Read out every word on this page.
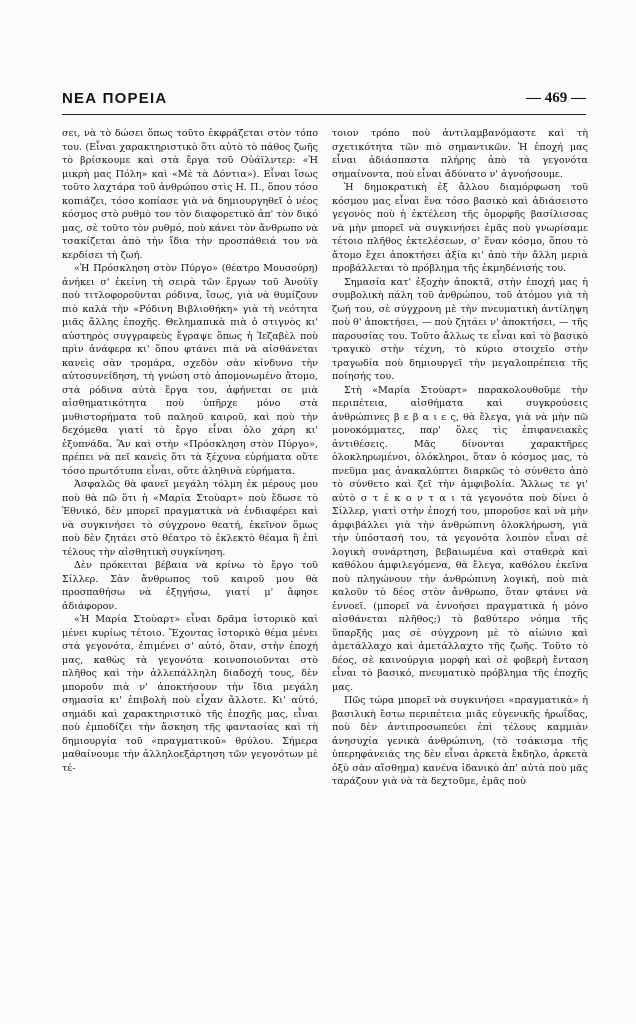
ΝΕΑ ΠΟΡΕΙΑ	— 469 —

σει, νὰ τὸ δώσει ὅπως τοῦτο ἐκφράζεται στὸν τόπο του. (Εἶναι χαρακτηριστικὸ ὅτι αὐτὸ τὸ πάθος ζωῆς τὸ βρίσκουμε καὶ στὰ ἔργα τοῦ Οὐάϊλντερ: «Ἡ μικρὴ μας Πόλη» καὶ «Μὲ τὰ Δόντια»). Εἶναι ἴσως τοῦτο λαχτάρα τοῦ ἀνθρώπου στὶς Η. Π., ὅπου τόσο κοπιάζει, τόσο κοπίασε γιὰ νὰ δημιουργηθεῖ ὁ νέος κόσμος στὸ ρυθμὸ τον τὸν διαφορετικὸ ἀπ' τὸν δικό μας, σὲ τοῦτο τὸν ρυθμό, ποὺ κάνει τὸν ἄνθρωπο νὰ τσακίζεται ἀπὸ τὴν ἴδια τὴν προσπάθειά του νὰ κερδίσει τὴ ζωή.

«Ἡ Πρόσκληση στὸν Πύργο» (θέατρο Μουσούρη) ἀνήκει σ' ἐκείνη τὴ σειρὰ τῶν ἔργων τοῦ Ἀνούϊγ ποὺ τιτλοφοροῦνται ρόδινα, ἴσως, γιὰ νὰ θυμίζουν πιὸ καλὰ τὴν «Ρόδινη Βιβλιοθήκη» γιὰ τὴ νεότητα μιᾶς ἄλλης ἐποχῆς. Θελημαπικὰ πιὰ ὁ στιγνὸς κι' αὐστηρὸς συγγραφεὺς ἔγραψε ὅπως ἡ Ἰεζαβὲλ ποὺ πρὶν ἀνάφερα κι' ὅπου φτάνει πιὰ νὰ αἰσθάνεται κανεὶς σὰν τρομάρα, σχεδὸν σὰν κίνδυνο τὴν αὐτοσυνείδηση, τὴ γνώση στὸ ἀπομονωμένο ἄτομο, στὰ ρόδινα αὐτὰ ἔργα του, ἀφήνεται σε μιὰ αἰσθηματικότητα ποὺ ὑπῆρχε μόνο στὰ μυθιστορήματα τοῦ παληοῦ καιροῦ, καὶ ποὺ τὴν δεχόμεθα γιατί τὸ ἔργο εἶναι ὁλο χάρη κι' ἐξυπνάδα. Ἂν καὶ στὴν «Πρόσκληση στὸν Πύργο», πρέπει νὰ πεῖ κανεὶς ὅτι τὰ ξέχυνα εὑρήματα οὔτε τόσο πρωτότυπα εἶναι, οὔτε ἀληθινὰ εὑρήματα.

Ἀσφαλῶς θὰ φανεῖ μεγάλη τόλμη ἐκ μέρους μου ποὺ θὰ πῶ ὅτι ἡ «Μαρία Στοὺαρτ» ποὺ ἔδωσε τὸ Ἐθνικό, δὲν μπορεῖ πραγματικὰ νὰ ἐνδιαφέρει καὶ νὰ συγκινήσει τὸ σύγχρονο θεατή, ἐκεῖνον ὅμως ποὺ δὲν ζητάει στὸ θέατρο τὸ ἐκλεκτὸ θέαμα ἢ ἐπὶ τέλους τὴν αἰσθητικὴ συγκίνηση.

Δὲν πρόκειται βέβαια νὰ κρίνω τὸ ἔργο τοῦ Σίλλερ. Σὰν ἄνθρωπος τοῦ καιροῦ μου θὰ προσπαθήσω νὰ ἐξηγήσω, γιατί μ' ἄφησε ἀδιάφορον.

«Ἡ Μαρία Στοὺαρτ» εἶναι δρᾶμα ἱστορικὸ καὶ μένει κυρίως τέτοιο. Ἔχοντας ἱστορικὸ θέμα μένει στὰ γεγονότα, ἐπιμένει σ' αὐτό, ὅταν, στὴν ἐποχή μας, καθὼς τὰ γεγονότα κοινοποιοῦνται στὸ πλῆθος καὶ τὴν ἀλλεπάλληλη διαδοχή τους, δὲν μποροῦν πιὰ ν' ἀποκτήσουν τὴν ἴδια μεγάλη σημασία κι' ἐπιβολὴ ποὺ εἶχαν ἄλλοτε. Κι' αὐτό, σημάδι καὶ χαρακτηριστικὸ τῆς ἐποχῆς μας, εἶναι ποὺ ἐμποδίζει τὴν ἄσκηση τῆς φαντασίας καὶ τὴ δημιουργία τοῦ «πραγματικοῦ» θρύλου. Σήμερα μαθαίνουμε τὴν ἀλληλοεξάρτηση τῶν γεγονότων μὲ τέ-

τοιον τρόπο ποὺ ἀντιλαμβανόμαστε καὶ τὴ σχετικότητα τῶν πιὸ σημαντικῶν. Ἡ ἐποχή μας εἶναι ἀδιάσπαστα πλήρης ἀπὸ τὰ γεγονότα σημαίνοντα, ποὺ εἶναι ἀδύνατο ν' ἀγνοήσουμε.

Ἡ δημοκρατικὴ ἐξ ἄλλου διαμόρφωση τοῦ κόσμου μας εἶναι ἕνα τόσο βασικὸ καὶ ἀδιάσειστο γεγονὸς ποὺ ἡ ἐκτέλεση τῆς ὁμορφῆς βασίλισσας νὰ μὴν μπορεῖ νὰ συγκινήσει ἐμᾶς ποὺ γνωρίσαμε τέτοιο πλῆθος ἐκτελέσεων, σ' ἕναν κόσμο, ὅπου τὸ ἄτομο ἔχει ἀποκτήσει ἀξία κι' ἀπὸ τὴν ἄλλη μεριὰ προβάλλεται τὸ πρόβλημα τῆς ἐκμηδένισής του.

Σημασία κατ' ἐξοχὴν ἀποκτᾶ, στὴν ἐποχή μας ἡ συμβολικὴ πάλη τοῦ ἀνθρώπου, τοῦ ἀτόμου γιὰ τὴ ζωή του, σὲ σύγχρονη μὲ τὴν πνευματικὴ ἀντίληψη ποὺ θ' ἀποκτήσει, — ποὺ ζητάει ν' ἀποκτήσει, — τῆς παρουσίας του. Τοῦτο ἄλλως τε εἶναι καὶ τὸ βασικὸ τραγικὸ στὴν τέχνη, τὸ κύριο στοιχεῖο στὴν τραγωδία ποὺ δημιουργεῖ τὴν μεγαλοπρέπεια τῆς ποίησής του.

Στὴ «Μαρία Στοὺαρτ» παρακολουθοῦμε τὴν περιπέτεια, αἰσθήματα καὶ συγκρούσεις ἀνθρώπινες β ε β α ι ε ς, θὰ ἔλεγα, γιὰ νὰ μὴν πῶ μονοκόμματες, παρ' ὅλες τὶς ἐπιφανειακὲς ἀντιθέσεις. Μᾶς δίνονται χαρακτῆρες ὁλοκληρωμένοι, ὁλόκληροι, ὅταν ὁ κόσμος μας, τὸ πνεῦμα μας ἀνακαλύπτει διαρκῶς τὸ σύνθετο ἀπὸ τὸ σύνθετο καὶ ζεῖ τὴν ἀμφιβολία. Ἄλλως τε γι' αὐτὸ σ τ έ κ ο ν τ α ι τὰ γεγονότα ποὺ δίνει ὁ Σίλλερ, γιατὶ στὴν ἐποχή του, μποροῦσε καὶ νὰ μὴν ἀμφιβάλλει γιὰ τὴν ἀνθρώπινη ὁλοκλήρωση, γιὰ τὴν ὑπόστασή του, τὰ γεγονότα λοιπὸν εἶναι σὲ λογικὴ συνάρτηση, βεβαιωμένα καὶ σταθερὰ καὶ καθόλου ἀμφιλεγόμενα, θὰ ἔλεγα, καθόλου ἐκεῖνα ποὺ πληγώνουν τὴν ἀνθρώπινη λογική, ποὺ πιὰ καλοῦν τὸ δέος στὸν ἄνθρωπο, ὅταν φτάνει νὰ ἐννοεῖ. (μπορεῖ νὰ ἐννοήσει πραγματικὰ ἡ μόνο αἰσθάνεται πλῆθος;) τὸ βαθύτερο νόημα τῆς ὕπαρξῆς μας σὲ σύγχρονη μὲ τὸ αἰώνιο καὶ ἀμετάλλαχο καὶ ἀμετάλλαχτο τῆς ζωῆς. Τοῦτο τὸ δέος, σὲ καινούργια μορφὴ καὶ σὲ φοβερὴ ἔνταση εἶναι τὸ βασικό, πνευματικὸ πρόβλημα τῆς ἐποχῆς μας.

Πῶς τώρα μπορεῖ νὰ συγκινήσει «πραγματικὰ» ἡ βασιλικὴ ἔστω περιπέτεια μιᾶς εὐγενικῆς ἡρωΐδας, ποὺ δὲν ἀντιπροσωπεύει ἐπὶ τέλους καμμιὰν ἀνησυχία γενικὰ ἀνθρώπινη, (τὸ τσάκισμα τῆς ὑπερηφάνειάς της δὲν εἶναι ἀρκετὰ ἔκδηλο, ἀρκετὰ ὀξὺ σὰν αἴσθημα) κανένα ἰδανικὸ ἀπ' αὐτὰ ποὺ μᾶς ταράζουν γιὰ νὰ τὰ δεχτοῦμε, ἐμᾶς ποὺ
